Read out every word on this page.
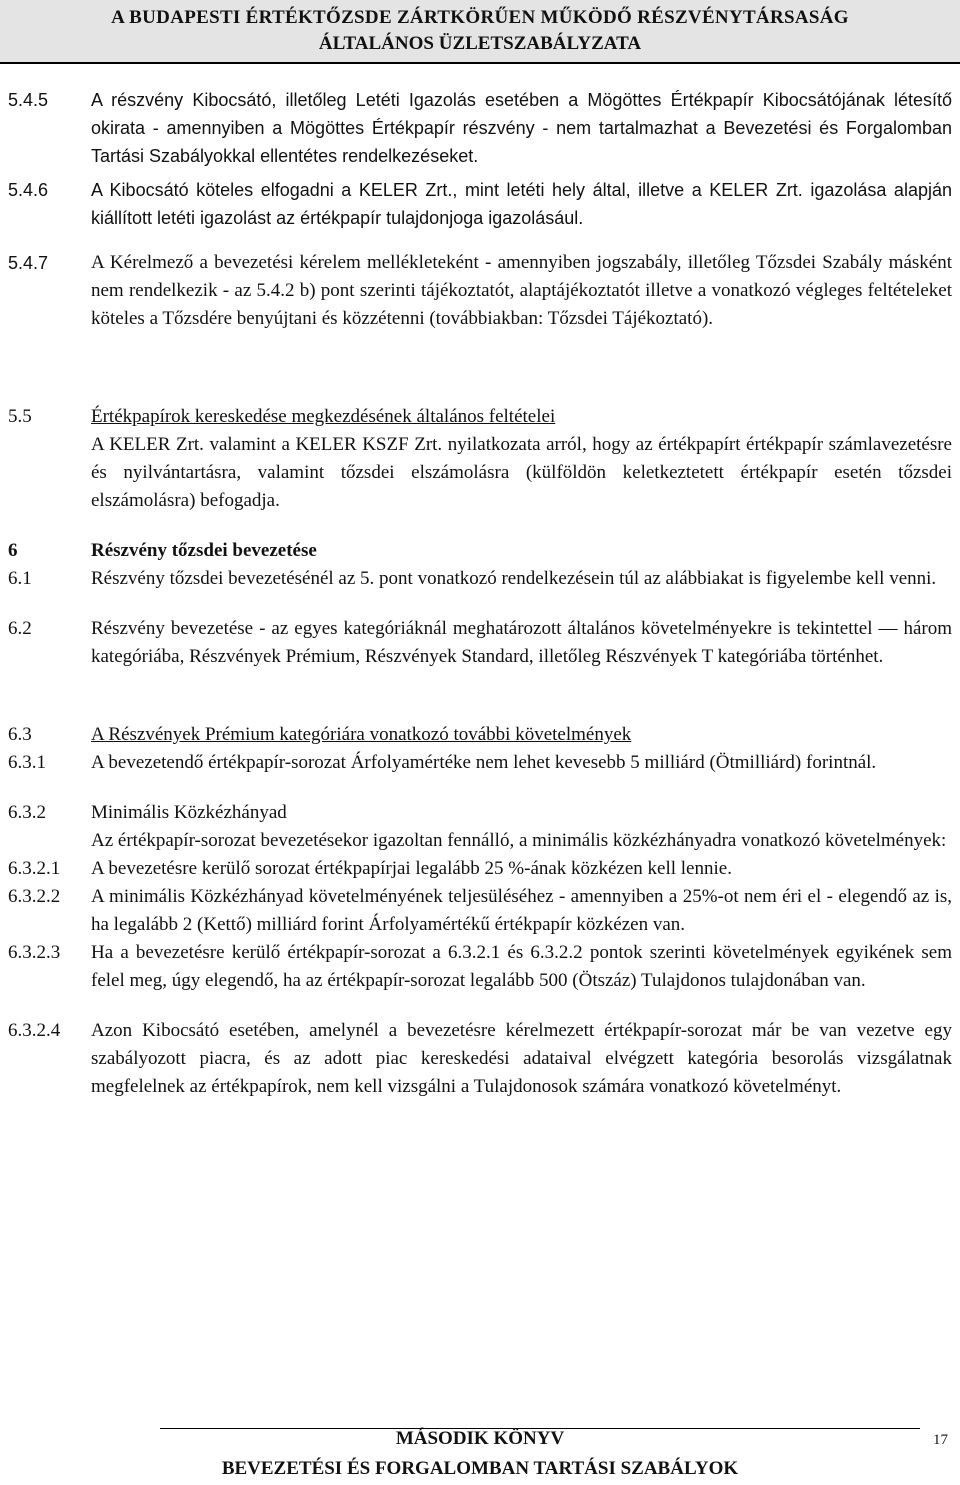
A BUDAPESTI ÉRTÉKTŐZSDE ZÁRTKÖRŰEN MŰKÖDŐ RÉSZVÉNYTÁRSASÁG
ÁLTALÁNOS ÜZLETSZABÁLYZATA
5.4.5 A részvény Kibocsátó, illetőleg Letéti Igazolás esetében a Mögöttes Értékpapír Kibocsátójának létesítő okirata - amennyiben a Mögöttes Értékpapír részvény - nem tartalmazhat a Bevezetési és Forgalomban Tartási Szabályokkal ellentétes rendelkezéseket.
5.4.6 A Kibocsátó köteles elfogadni a KELER Zrt., mint letéti hely által, illetve a KELER Zrt. igazolása alapján kiállított letéti igazolást az értékpapír tulajdonjoga igazolásául.
5.4.7 A Kérelmező a bevezetési kérelem mellékleteként - amennyiben jogszabály, illetőleg Tőzsdei Szabály másként nem rendelkezik - az 5.4.2 b) pont szerinti tájékoztatót, alaptájékoztatót illetve a vonatkozó végleges feltételeket köteles a Tőzsdére benyújtani és közzétenni (továbbiakban: Tőzsdei Tájékoztató).
5.5	Értékpapírok kereskedése megkezdésének általános feltételei
A KELER Zrt. valamint a KELER KSZF Zrt. nyilatkozata arról, hogy az értékpapírt értékpapír számlavezetésre és nyilvántartásra, valamint tőzsdei elszámolásra (külföldön keletkeztetett értékpapír esetén tőzsdei elszámolásra) befogadja.
6	Részvény tőzsdei bevezetése
6.1	Részvény tőzsdei bevezetésénél az 5. pont vonatkozó rendelkezésein túl az alábbiakat is figyelembe kell venni.
6.2	Részvény bevezetése - az egyes kategóriáknál meghatározott általános követelményekre is tekintettel — három kategóriába, Részvények Prémium, Részvények Standard, illetőleg Részvények T kategóriába történhet.
6.3	A Részvények Prémium kategóriára vonatkozó további követelmények
6.3.1 A bevezetendő értékpapír-sorozat Árfolyamértéke nem lehet kevesebb 5 milliárd (Ötmilliárd) forintnál.
6.3.2 Minimális Közkézhányad
Az értékpapír-sorozat bevezetésekor igazoltan fennálló, a minimális közkézhányadra vonatkozó követelmények:
6.3.2.1 A bevezetésre kerülő sorozat értékpapírjai legalább 25 %-ának közkézen kell lennie.
6.3.2.2 A minimális Közkézhányad követelményének teljesüléséhez - amennyiben a 25%-ot nem éri el - elegendő az is, ha legalább 2 (Kettő) milliárd forint Árfolyamértékű értékpapír közkézen van.
6.3.2.3 Ha a bevezetésre kerülő értékpapír-sorozat a 6.3.2.1 és 6.3.2.2 pontok szerinti követelmények egyikének sem felel meg, úgy elegendő, ha az értékpapír-sorozat legalább 500 (Ötszáz) Tulajdonos tulajdonában van.
6.3.2.4 Azon Kibocsátó esetében, amelynél a bevezetésre kérelmezett értékpapír-sorozat már be van vezetve egy szabályozott piacra, és az adott piac kereskedési adataival elvégzett kategória besorolás vizsgálatnak megfelelnek az értékpapírok, nem kell vizsgálni a Tulajdonosok számára vonatkozó követelményt.
MÁSODIK KÖNYV
BEVEZETÉSI ÉS FORGALOMBAN TARTÁSI SZABÁLYOK
17
